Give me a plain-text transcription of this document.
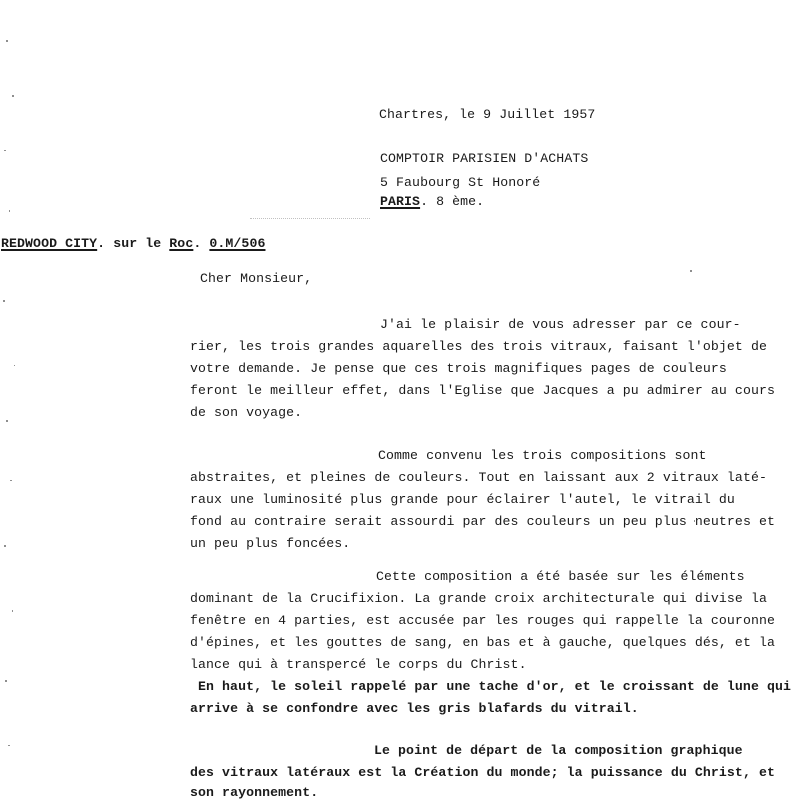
Chartres, le 9 Juillet 1957
COMPTOIR PARISIEN D'ACHATS
5 Faubourg St Honoré
PARIS. 8 ème.
REDWOOD CITY. sur le Roc. 0.M/506
Cher Monsieur,
J'ai le plaisir de vous adresser par ce cour-
rier, les trois grandes aquarelles des trois vitraux, faisant l'objet de
votre demande. Je pense que ces trois magnifiques pages de couleurs
feront le meilleur effet, dans l'Eglise que Jacques a pu admirer au cours
de son voyage.
Comme convenu les trois compositions sont
abstraites, et pleines de couleurs. Tout en laissant aux 2 vitraux laté-
raux une luminosité plus grande pour éclairer l'autel, le vitrail du
fond au contraire serait assourdi par des couleurs un peu plus neutres et
un peu plus foncées.
Cette composition a été basée sur les éléments
dominant de la Crucifixion. La grande croix architecturale qui divise la
fenêtre en 4 parties, est accusée par les rouges qui rappelle la couronne
d'épines, et les gouttes de sang, en bas et à gauche, quelques dés, et la
lance qui à transpercé le corps du Christ.
En haut, le soleil rappelé par une tache d'or, et le croissant de lune qui
arrive à se confondre avec les gris blafards du vitrail.
Le point de départ de la composition graphique
des vitraux latéraux est la Création du monde; la puissance du Christ, et
son rayonnement.
